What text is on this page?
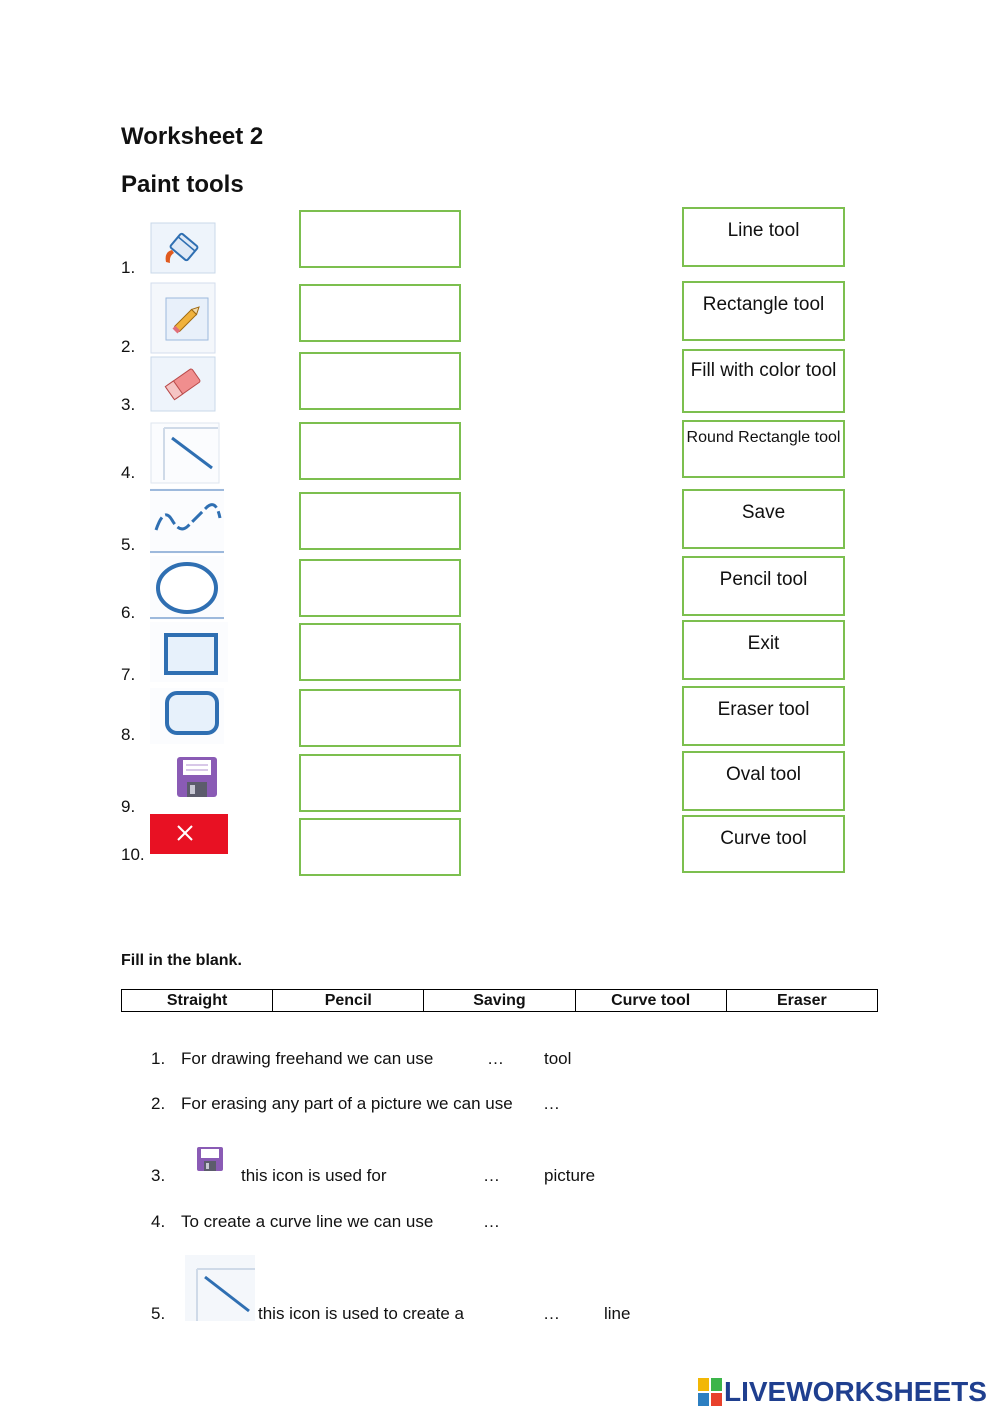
Worksheet 2
Paint tools
1.
2.
3.
4.
5.
6.
7.
8.
9.
10.
Line tool
Rectangle tool
Fill with color tool
Round Rectangle tool
Save
Pencil tool
Exit
Eraser tool
Oval tool
Curve tool
Fill in the blank.
Straight	Pencil	Saving	Curve tool	Eraser
1. For drawing freehand we can use	… tool
2. For erasing any part of a picture we can use …
3.	this icon is used for	…	picture
4. To create a curve line we can use	…
5.	this icon is used to create a	…	line
LIVEWORKSHEETS
